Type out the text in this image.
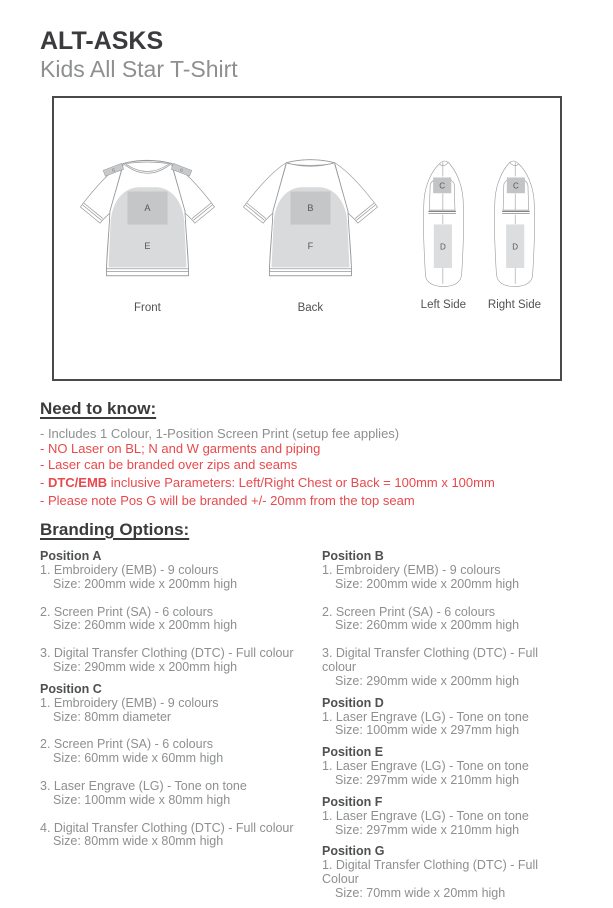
ALT-ASKS
Kids All Star T-Shirt
G	G
A
E
Front
B
F
Back
C
D
Left Side
C
D
Right Side
Need to know:

- Includes 1 Colour, 1-Position Screen Print (setup fee applies)

- NO Laser on BL; N and W garments and piping

- Laser can be branded over zips and seams

- DTC/EMB inclusive Parameters: Left/Right Chest or Back = 100mm x 100mm

- Please note Pos G will be branded +/- 20mm from the top seam

Branding Options:
Position A
1. Embroidery (EMB) - 9 colours
Size: 200mm wide x 200mm high
2. Screen Print (SA) - 6 colours
Size: 260mm wide x 200mm high
3. Digital Transfer Clothing (DTC) - Full colour
Size: 290mm wide x 200mm high
Position C
1. Embroidery (EMB) - 9 colours
Size: 80mm diameter
2. Screen Print (SA) - 6 colours
Size: 60mm wide x 60mm high
3. Laser Engrave (LG) - Tone on tone
Size: 100mm wide x 80mm high
4. Digital Transfer Clothing (DTC) - Full colour
Size: 80mm wide x 80mm high
Position B
1. Embroidery (EMB) - 9 colours
Size: 200mm wide x 200mm high
2. Screen Print (SA) - 6 colours
Size: 260mm wide x 200mm high
3. Digital Transfer Clothing (DTC) - Full colour
Size: 290mm wide x 200mm high
Position D
1. Laser Engrave (LG) - Tone on tone
Size: 100mm wide x 297mm high
Position E
1. Laser Engrave (LG) - Tone on tone
Size: 297mm wide x 210mm high
Position F
1. Laser Engrave (LG) - Tone on tone
Size: 297mm wide x 210mm high
Position G
1. Digital Transfer Clothing (DTC) - Full Colour
Size: 70mm wide x 20mm high
